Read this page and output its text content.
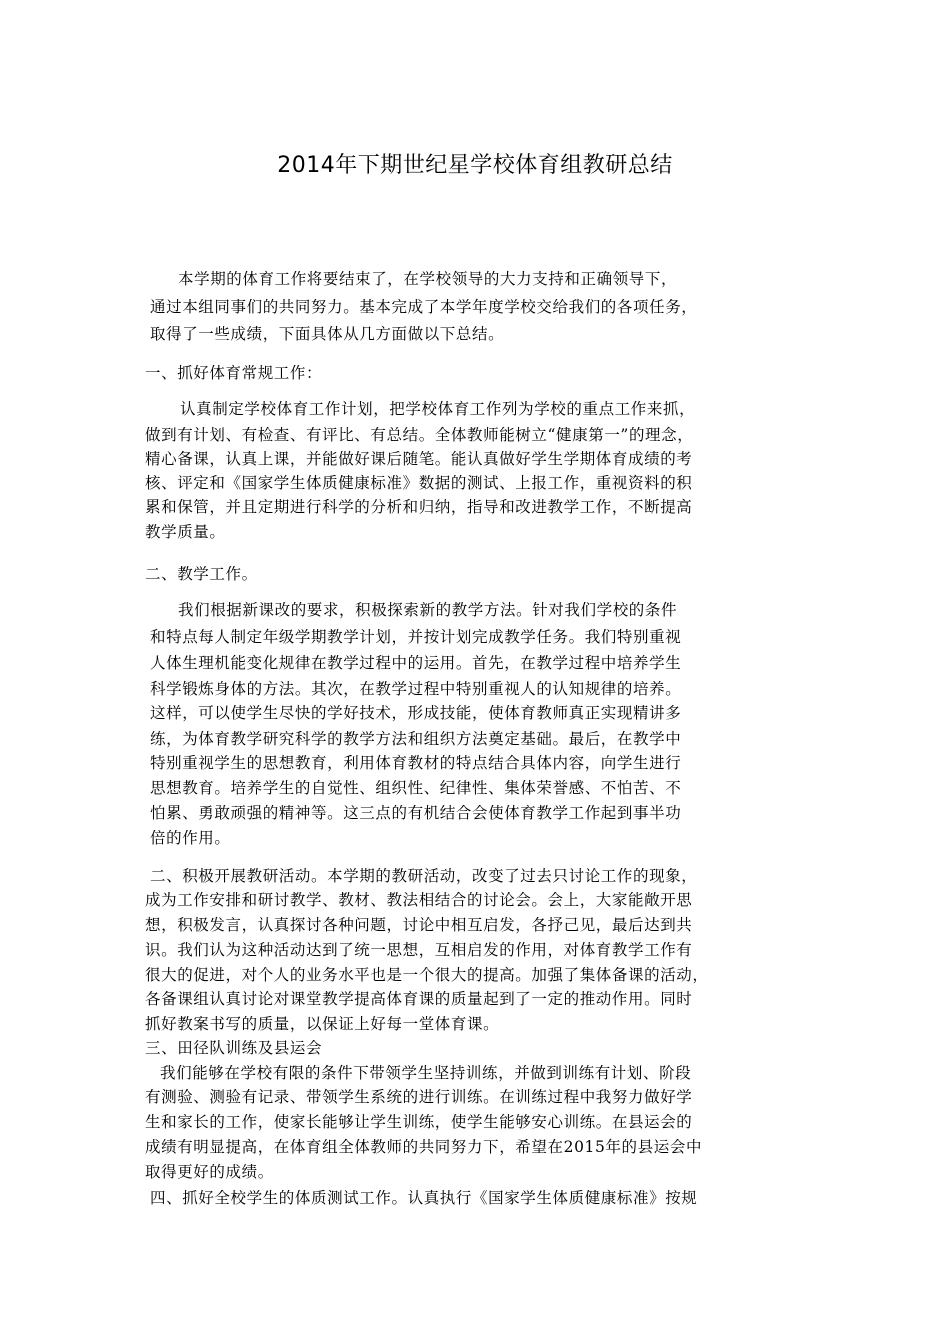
2014年下期世纪星学校体育组教研总结
本学期的体育工作将要结束了，在学校领导的大力支持和正确领导下，
通过本组同事们的共同努力。基本完成了本学年度学校交给我们的各项任务，
取得了一些成绩，下面具体从几方面做以下总结。
一、抓好体育常规工作：
认真制定学校体育工作计划，把学校体育工作列为学校的重点工作来抓，
做到有计划、有检查、有评比、有总结。全体教师能树立“健康第一”的理念，
精心备课，认真上课，并能做好课后随笔。能认真做好学生学期体育成绩的考
核、评定和《国家学生体质健康标准》数据的测试、上报工作，重视资料的积
累和保管，并且定期进行科学的分析和归纳，指导和改进教学工作，不断提高
教学质量。
二、教学工作。
我们根据新课改的要求，积极探索新的教学方法。针对我们学校的条件
和特点每人制定年级学期教学计划，并按计划完成教学任务。我们特别重视
人体生理机能变化规律在教学过程中的运用。首先，在教学过程中培养学生
科学锻炼身体的方法。其次，在教学过程中特别重视人的认知规律的培养。
这样，可以使学生尽快的学好技术，形成技能，使体育教师真正实现精讲多
练，为体育教学研究科学的教学方法和组织方法奠定基础。最后，在教学中
特别重视学生的思想教育，利用体育教材的特点结合具体内容，向学生进行
思想教育。培养学生的自觉性、组织性、纪律性、集体荣誉感、不怕苦、不
怕累、勇敢顽强的精神等。这三点的有机结合会使体育教学工作起到事半功
倍的作用。
二、积极开展教研活动。本学期的教研活动，改变了过去只讨论工作的现象，
成为工作安排和研讨教学、教材、教法相结合的讨论会。会上，大家能敞开思
想，积极发言，认真探讨各种问题，讨论中相互启发，各抒己见，最后达到共
识。我们认为这种活动达到了统一思想，互相启发的作用，对体育教学工作有
很大的促进，对个人的业务水平也是一个很大的提高。加强了集体备课的活动，
各备课组认真讨论对课堂教学提高体育课的质量起到了一定的推动作用。同时
抓好教案书写的质量，以保证上好每一堂体育课。
三、田径队训练及县运会
我们能够在学校有限的条件下带领学生坚持训练，并做到训练有计划、阶段
有测验、测验有记录、带领学生系统的进行训练。在训练过程中我努力做好学
生和家长的工作，使家长能够让学生训练，使学生能够安心训练。在县运会的
成绩有明显提高，在体育组全体教师的共同努力下，希望在2015年的县运会中
取得更好的成绩。
四、抓好全校学生的体质测试工作。认真执行《国家学生体质健康标准》按规
